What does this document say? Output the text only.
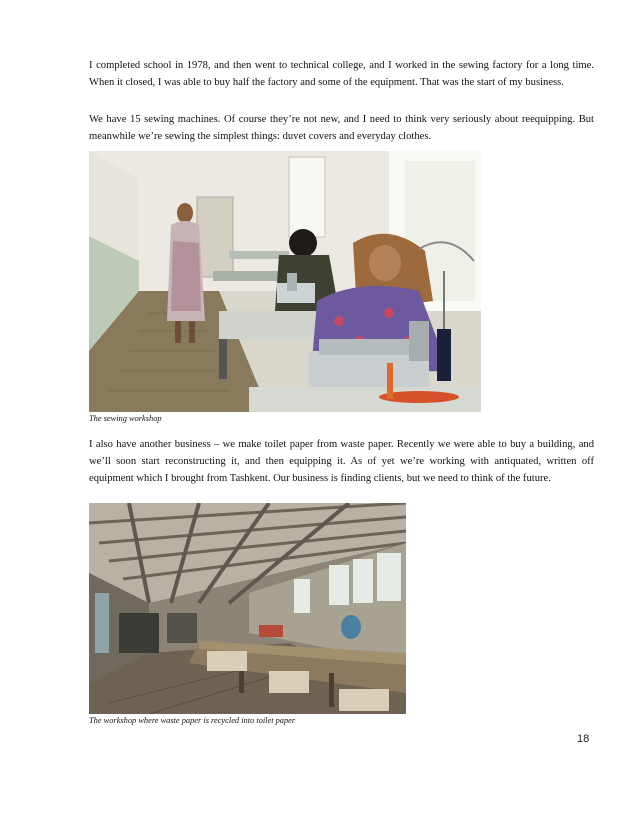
I completed school in 1978, and then went to technical college, and I worked in the sewing factory for a long time. When it closed, I was able to buy half the factory and some of the equipment. That was the start of my business.

We have 15 sewing machines. Of course they’re not new, and I need to think very seriously about reequipping. But meanwhile we’re sewing the simplest things: duvet covers and everyday clothes.

The sewing workshop

I also have another business – we make toilet paper from waste paper. Recently we were able to buy a building, and we’ll soon start reconstructing it, and then equipping it. As of yet we’re working with antiquated, written off equipment which I brought from Tashkent. Our business is finding clients, but we need to think of the future.

The workshop where waste paper is recycled into toilet paper

18
